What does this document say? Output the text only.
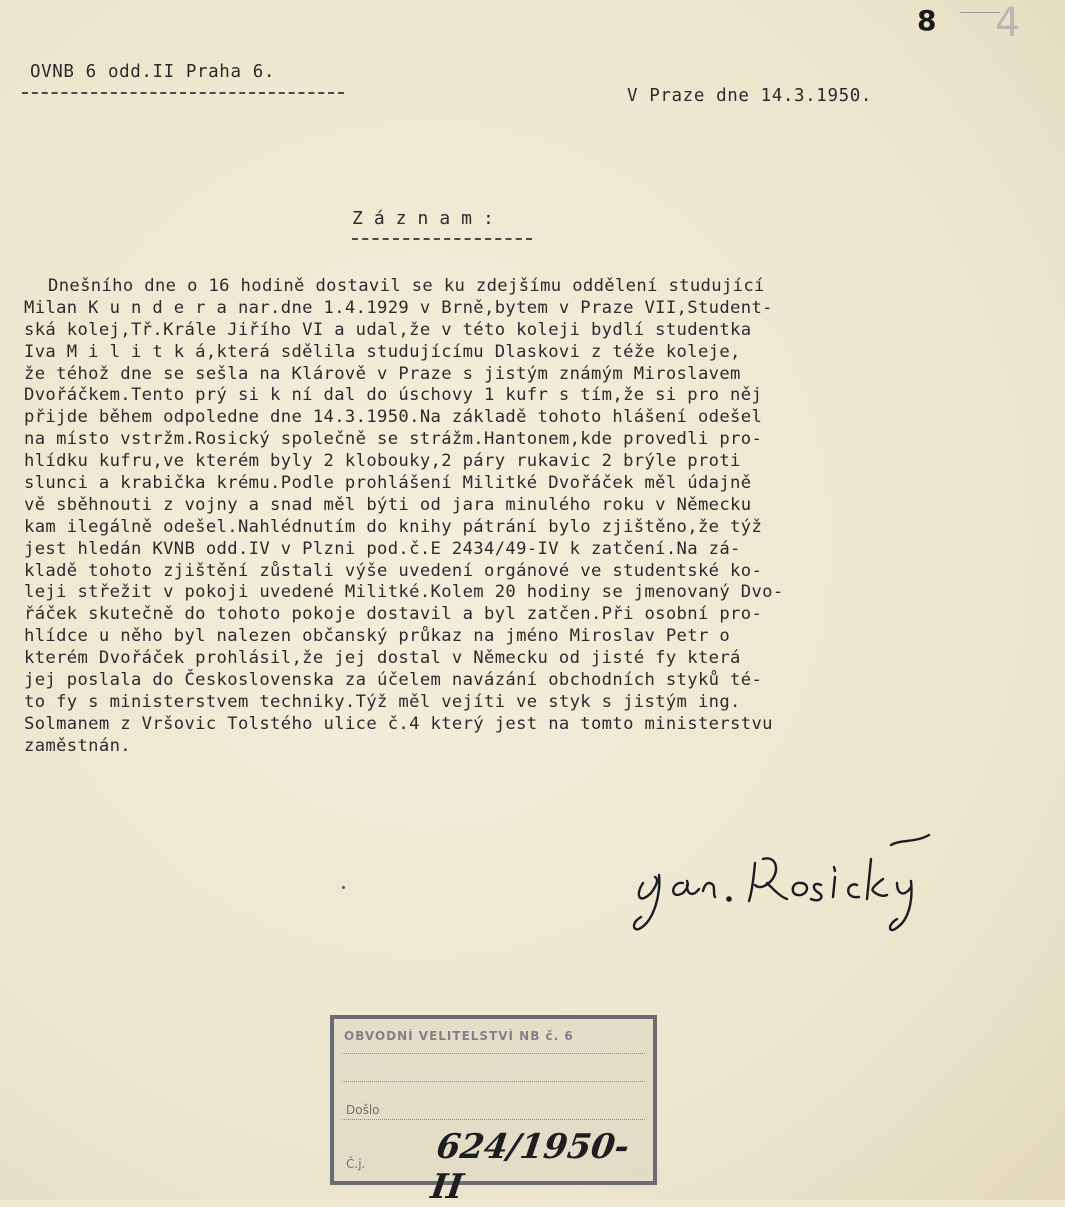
8 4
OVNB 6 odd.II Praha 6.
V Praze dne 14.3.1950.
Záznam:
Dnešního dne o 16 hodině dostavil se ku zdejšímu oddělení studující
Milan K u n d e r a nar.dne 1.4.1929 v Brně,bytem v Praze VII,Student-
ská kolej,Tř.Krále Jiřího VI a udal,že v této koleji bydlí studentka
Iva M i l i t k á,která sdělila studujícímu Dlaskovi z téže koleje,
že téhož dne se sešla na Klárově v Praze s jistým známým Miroslavem
Dvořáčkem.Tento prý si k ní dal do úschovy 1 kufr s tím,že si pro něj
přijde během odpoledne dne 14.3.1950.Na základě tohoto hlášení odešel
na místo vstržm.Rosický společně se strážm.Hantonem,kde provedli pro-
hlídku kufru,ve kterém byly 2 klobouky,2 páry rukavic 2 brýle proti
slunci a krabička krému.Podle prohlášení Militké Dvořáček měl údajně
vě sběhnouti z vojny a snad měl býti od jara minulého roku v Německu
kam ilegálně odešel.Nahlédnutím do knihy pátrání bylo zjištěno,že týž
jest hledán KVNB odd.IV v Plzni pod.č.E 2434/49-IV k zatčení.Na zá-
kladě tohoto zjištění zůstali výše uvedení orgánové ve studentské ko-
leji střežit v pokoji uvedené Militké.Kolem 20 hodiny se jmenovaný Dvo-
řáček skutečně do tohoto pokoje dostavil a byl zatčen.Při osobní pro-
hlídce u něho byl nalezen občanský průkaz na jméno Miroslav Petr o
kterém Dvořáček prohlásil,že jej dostal v Německu od jisté fy která
jej poslala do Československa za účelem navázání obchodních styků té-
to fy s ministerstvem techniky.Týž měl vejíti ve styk s jistým ing.
Solmanem z Vršovic Tolstého ulice č.4 který jest na tomto ministerstvu
zaměstnán.
OBVODNÍ VELITELSTVÍ NB č. 6
Došlo
Č.j. 624/1950-II
